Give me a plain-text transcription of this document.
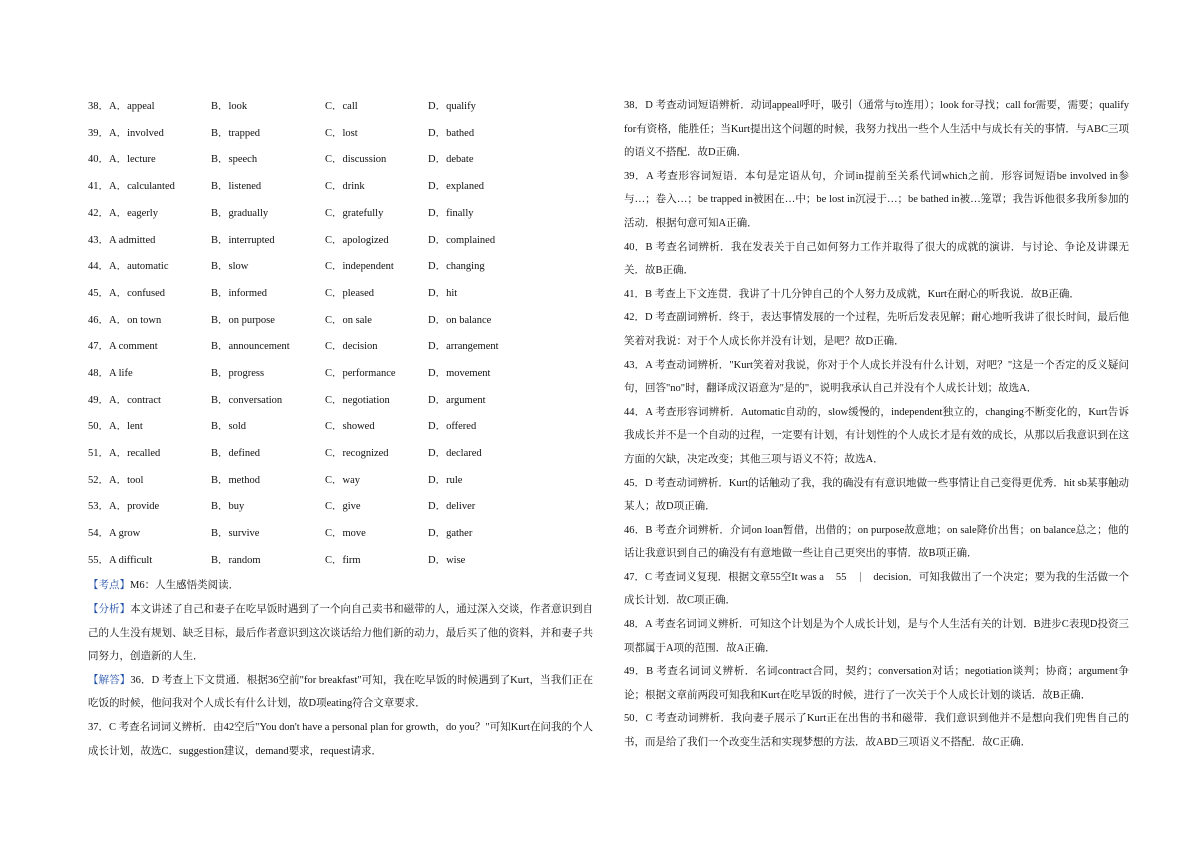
38．A．appeal	B．look	C．call	D．qualify
39．A．involved	B．trapped	C．lost	D．bathed
40．A．lecture	B．speech	C．discussion	D．debate
41．A．calculanted	B．listened	C．drink	D．explaned
42．A．eagerly	B．gradually	C．gratefully	D．finally
43．A admitted	B．interrupted	C．apologized	D．complained
44．A．automatic	B．slow	C．independent	D．changing
45．A．confused	B．informed	C．pleased	D．hit
46．A．on town	B．on purpose	C．on sale	D．on balance
47．A comment	B．announcement	C．decision	D．arrangement
48．A life	B．progress	C．performance	D．movement
49．A．contract	B．conversation	C．negotiation	D．argument
50．A．lent	B．sold	C．showed	D．offered
51．A．recalled	B．defined	C．recognized	D．declared
52．A．tool	B．method	C．way	D．rule
53．A．provide	B．buy	C．give	D．deliver
54．A grow	B．survive	C．move	D．gather
55．A difficult	B．random	C．firm	D．wise

【考点】M6：人生感悟类阅读．

【分析】本文讲述了自己和妻子在吃早饭时遇到了一个向自己卖书和磁带的人，通过深入交谈，作者意识到自己的人生没有规划、缺乏目标，最后作者意识到这次谈话给力他们新的动力，最后买了他的资料，并和妻子共同努力，创造新的人生．

【解答】36．D 考查上下文贯通．根据36空前"for breakfast"可知，我在吃早饭的时候遇到了Kurt，当我们正在吃饭的时候，他问我对个人成长有什么计划，故D项eating符合文章要求．

37．C 考查名词词义辨析．由42空后"You don't have a personal plan for growth，do you？"可知Kurt在问我的个人成长计划，故选C．suggestion建议，demand要求，request请求．

38．D 考查动词短语辨析．动词appeal呼吁，吸引（通常与to连用）；look for寻找；call for需要，需要；qualify for有资格，能胜任；当Kurt提出这个问题的时候，我努力找出一些个人生活中与成长有关的事情．与ABC三项的语义不搭配．故D正确．

39．A 考查形容词短语．本句是定语从句，介词in提前至关系代词which之前．形容词短语be involved in参与…；卷入…；be trapped in被困在…中；be lost in沉浸于…；be bathed in被…笼罩；我告诉他很多我所参加的活动．根据句意可知A正确．

40．B 考查名词辨析．我在发表关于自己如何努力工作并取得了很大的成就的演讲．与讨论、争论及讲课无关．故B正确．

41．B 考查上下文连贯．我讲了十几分钟自己的个人努力及成就，Kurt在耐心的听我说．故B正确．

42．D 考查副词辨析．终于，表达事情发展的一个过程，先听后发表见解；耐心地听我讲了很长时间，最后他笑着对我说：对于个人成长你并没有计划，是吧？故D正确．

43．A 考查动词辨析．"Kurt笑着对我说，你对于个人成长并没有什么计划，对吧？"这是一个否定的反义疑问句，回答"no"时，翻译成汉语意为"是的"，说明我承认自己并没有个人成长计划；故选A．

44．A 考查形容词辨析．Automatic自动的，slow缓慢的，independent独立的，changing不断变化的，Kurt告诉我成长并不是一个自动的过程，一定要有计划，有计划性的个人成长才是有效的成长，从那以后我意识到在这方面的欠缺，决定改变；其他三项与语义不符；故选A．

45．D 考查动词辨析．Kurt的话触动了我，我的确没有有意识地做一些事情让自己变得更优秀．hit sb某事触动某人；故D项正确．

46．B 考查介词辨析．介词on loan暂借，出借的；on purpose故意地；on sale降价出售；on balance总之；他的话让我意识到自己的确没有有意地做一些让自己更突出的事情．故B项正确．

47．C 考查词义复现．根据文章55空It was a 55	decision．可知我做出了一个决定；要为我的生活做一个成长计划．故C项正确．

48．A 考查名词词义辨析．可知这个计划是为个人成长计划，是与个人生活有关的计划．B进步C表现D投资三项都属于A项的范围．故A正确．

49．B 考查名词词义辨析．名词contract合同，契约；conversation对话；negotiation谈判；协商；argument争论；根据文章前两段可知我和Kurt在吃早饭的时候，进行了一次关于个人成长计划的谈话．故B正确．

50．C 考查动词辨析．我向妻子展示了Kurt正在出售的书和磁带．我们意识到他并不是想向我们兜售自己的书，而是给了我们一个改变生活和实现梦想的方法．故ABD三项语义不搭配．故C正确．
